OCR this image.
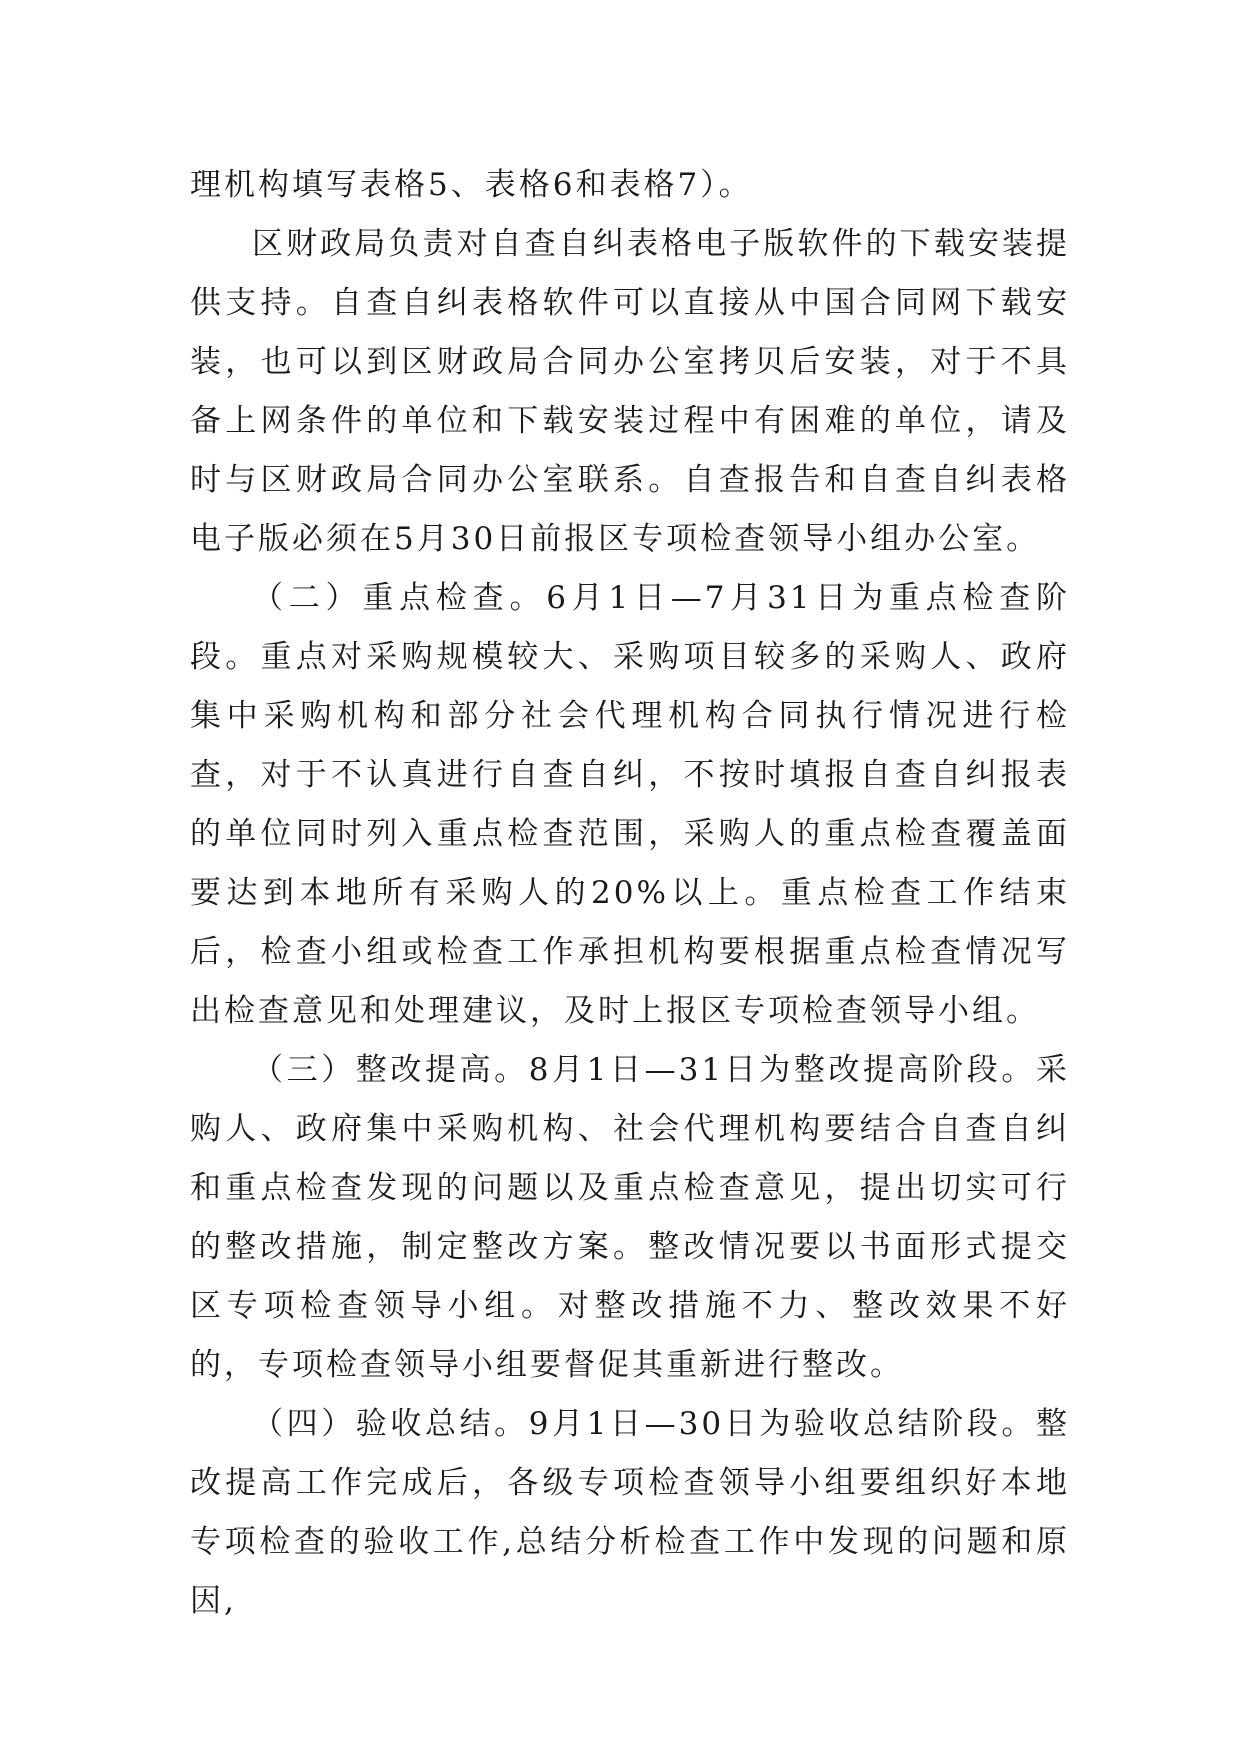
理机构填写表格5、表格6和表格7）。

区财政局负责对自查自纠表格电子版软件的下载安装提供支持。自查自纠表格软件可以直接从中国合同网下载安装，也可以到区财政局合同办公室拷贝后安装，对于不具备上网条件的单位和下载安装过程中有困难的单位，请及时与区财政局合同办公室联系。自查报告和自查自纠表格电子版必须在5月30日前报区专项检查领导小组办公室。

（二）重点检查。6月1日—7月31日为重点检查阶段。重点对采购规模较大、采购项目较多的采购人、政府集中采购机构和部分社会代理机构合同执行情况进行检查，对于不认真进行自查自纠，不按时填报自查自纠报表的单位同时列入重点检查范围，采购人的重点检查覆盖面要达到本地所有采购人的20%以上。重点检查工作结束后，检查小组或检查工作承担机构要根据重点检查情况写出检查意见和处理建议，及时上报区专项检查领导小组。

（三）整改提高。8月1日—31日为整改提高阶段。采购人、政府集中采购机构、社会代理机构要结合自查自纠和重点检查发现的问题以及重点检查意见，提出切实可行的整改措施，制定整改方案。整改情况要以书面形式提交区专项检查领导小组。对整改措施不力、整改效果不好的，专项检查领导小组要督促其重新进行整改。

（四）验收总结。9月1日—30日为验收总结阶段。整改提高工作完成后，各级专项检查领导小组要组织好本地专项检查的验收工作,总结分析检查工作中发现的问题和原因,
